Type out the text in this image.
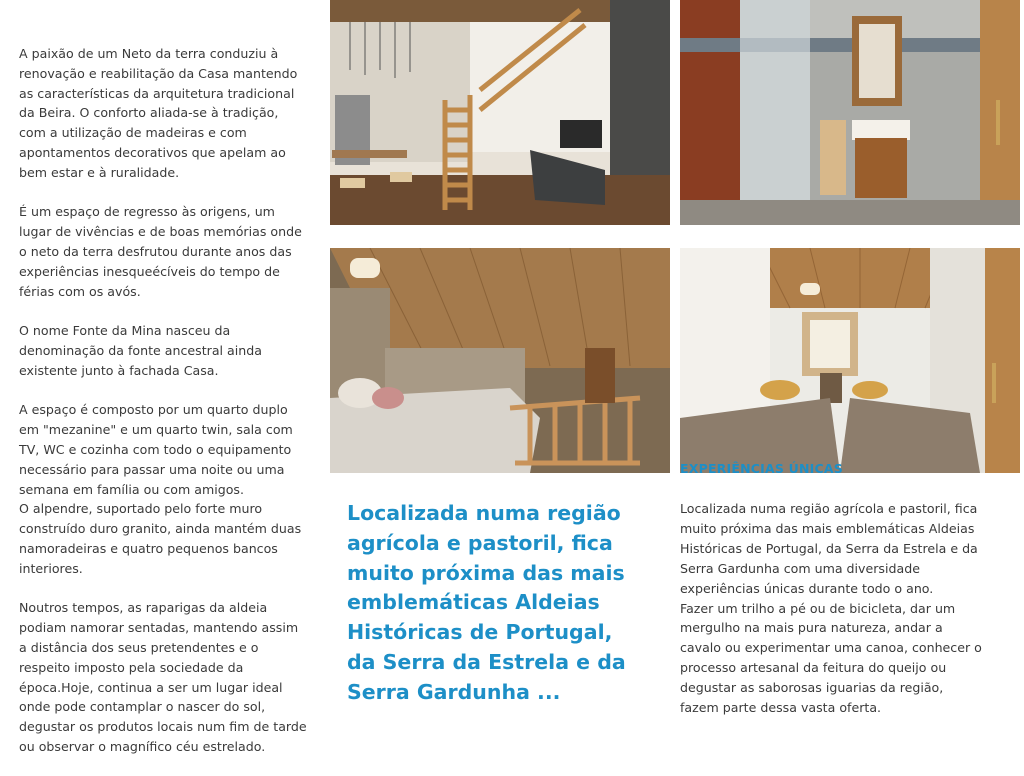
A paixão de um Neto da terra conduziu à renovação e reabilitação da Casa mantendo as características da arquitetura tradicional da Beira. O conforto aliada-se à tradição, com a utilização de madeiras e com apontamentos decorativos que apelam ao bem estar e à ruralidade.

É um espaço de regresso às origens, um lugar de vivências e de boas memórias onde o neto da terra desfrutou durante anos das experiências inesqueécíveis do tempo de férias com os avós.

O nome Fonte da Mina nasceu da denominação da fonte ancestral ainda existente junto à fachada Casa.

A espaço é composto por um quarto duplo em "mezanine" e um quarto twin, sala com TV, WC e cozinha com todo o equipamento necessário para passar uma noite ou uma semana em família ou com amigos.

O alpendre, suportado pelo forte muro construído duro granito, ainda mantém duas namoradeiras e quatro pequenos bancos interiores.

Noutros tempos, as raparigas da aldeia podiam namorar sentadas, mantendo assim a distância dos seus pretendentes e o respeito imposto pela sociedade da época.Hoje, continua a ser um lugar ideal onde pode contamplar o nascer do sol, degustar os produtos locais num fim de tarde ou observar o magnífico céu estrelado.

Localizada numa região agrícola e pastoril, fica muito próxima das mais emblemáticas Aldeias Históricas de Portugal, da Serra da Estrela e da Serra Gardunha ...
EXPERIÊNCIAS ÚNICAS

Localizada numa região agrícola e pastoril, fica muito próxima das mais emblemáticas Aldeias Históricas de Portugal, da Serra da Estrela e da Serra Gardunha com uma diversidade experiências únicas durante todo o ano.

Fazer um trilho a pé ou de bicicleta, dar um mergulho na mais pura natureza, andar a cavalo ou experimentar uma canoa, conhecer o processo artesanal da feitura do queijo ou degustar as saborosas iguarias da região, fazem parte dessa vasta oferta.
